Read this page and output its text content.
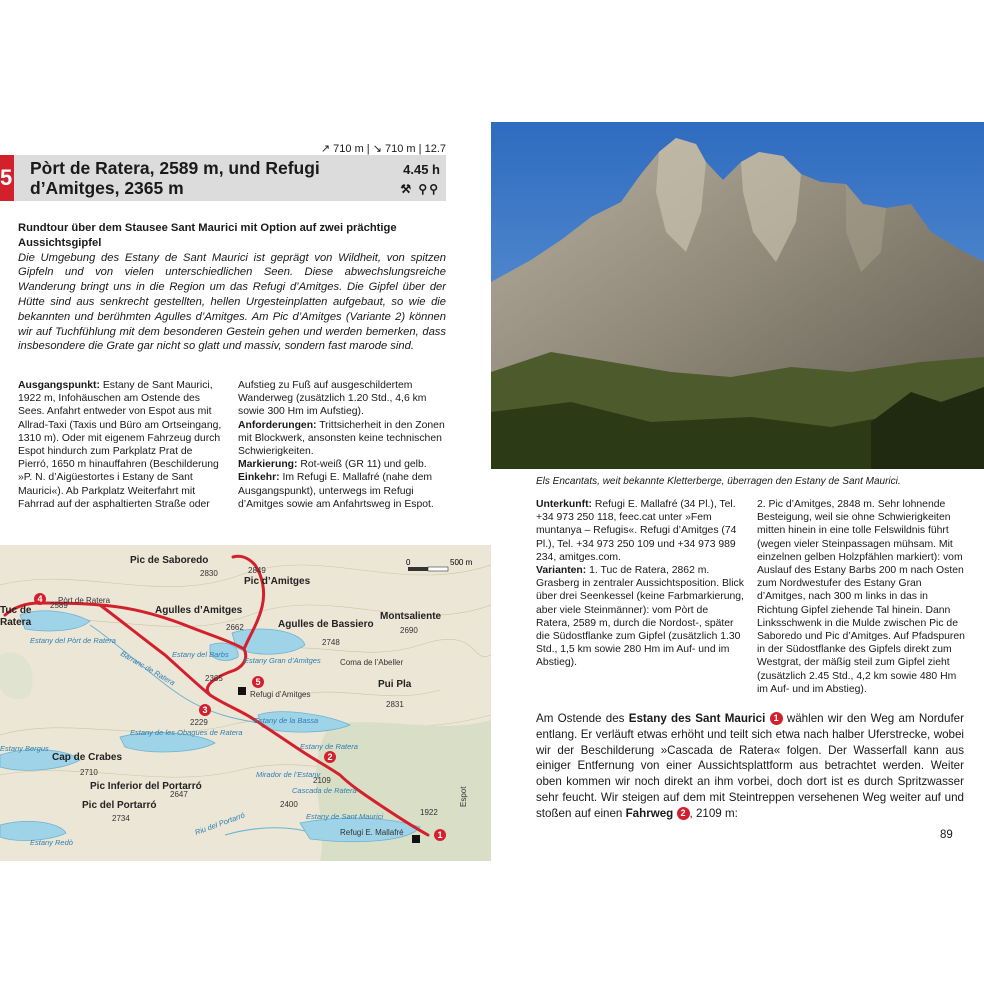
↗ 710 m | ↘ 710 m | 12.7
5 Pòrt de Ratera, 2589 m, und Refugi d’Amitges, 2365 m
4.45 h
⚒ ⚲⚲
Rundtour über dem Stausee Sant Maurici mit Option auf zwei prächtige Aussichtsgipfel
Die Umgebung des Estany de Sant Maurici ist geprägt von Wildheit, von spitzen Gipfeln und von vielen unterschiedlichen Seen. Diese abwechslungsreiche Wanderung bringt uns in die Region um das Refugi d’Amitges. Die Gipfel über der Hütte sind aus senkrecht gestellten, hellen Urgesteinplatten aufgebaut, so wie die bekannten und berühmten Agulles d’Amitges. Am Pic d’Amitges (Variante 2) können wir auf Tuchfühlung mit dem besonderen Gestein gehen und werden bemerken, dass insbesondere die Grate gar nicht so glatt und massiv, sondern fast marode sind.
Ausgangspunkt: Estany de Sant Maurici, 1922 m, Infohäuschen am Ostende des Sees. Anfahrt entweder von Espot aus mit Allrad-Taxi (Taxis und Büro am Ortseingang, 1310 m). Oder mit eigenem Fahrzeug durch Espot hindurch zum Parkplatz Prat de Pierró, 1650 m hinauffahren (Beschilderung »P. N. d’Aigüestortes i Estany de Sant Maurici«). Ab Parkplatz Weiterfahrt mit Fahrrad auf der asphaltierten Straße oder
Aufstieg zu Fuß auf ausgeschildertem Wanderweg (zusätzlich 1.20 Std., 4,6 km sowie 300 Hm im Aufstieg).
Anforderungen: Trittsicherheit in den Zonen mit Blockwerk, ansonsten keine technischen Schwierigkeiten.
Markierung: Rot-weiß (GR 11) und gelb.
Einkehr: Im Refugi E. Mallafré (nahe dem Ausgangspunkt), unterwegs im Refugi d’Amitges sowie am Anfahrtsweg in Espot.
Els Encantats, weit bekannte Kletterberge, überragen den Estany de Sant Maurici.
Unterkunft: Refugi E. Mallafré (34 Pl.), Tel. +34 973 250 118, feec.cat unter »Fem muntanya – Refugis«. Refugi d’Amitges (74 Pl.), Tel. +34 973 250 109 und +34 973 989 234, amitges.com.
Varianten: 1. Tuc de Ratera, 2862 m. Grasberg in zentraler Aussichtsposition. Blick über drei Seenkessel (keine Farbmarkierung, aber viele Steinmänner): vom Pòrt de Ratera, 2589 m, durch die Nordost-, später die Südostflanke zum Gipfel (zusätzlich 1.30 Std., 1,5 km sowie 280 Hm im Auf- und im Abstieg).
2. Pic d’Amitges, 2848 m. Sehr lohnende Besteigung, weil sie ohne Schwierigkeiten mitten hinein in eine tolle Felswildnis führt (wegen vieler Steinpassagen mühsam. Mit einzelnen gelben Holzpfählen markiert): vom Auslauf des Estany Barbs 200 m nach Osten zum Nordwestufer des Estany Gran d’Amitges, nach 300 m links in das in Richtung Gipfel ziehende Tal hinein. Dann Linksschwenk in die Mulde zwischen Pic de Saboredo und Pic d’Amitges. Auf Pfadspuren in der Südostflanke des Gipfels direkt zum Westgrat, der mäßig steil zum Gipfel zieht (zusätzlich 2.45 Std., 4,2 km sowie 480 Hm im Auf- und im Abstieg).
Am Ostende des Estany des Sant Maurici 1 wählen wir den Weg am Nordufer entlang. Er verläuft etwas erhöht und teilt sich etwa nach halber Uferstrecke, wobei wir der Beschilderung »Cascada de Ratera« folgen. Der Wasserfall kann aus einiger Entfernung von einer Aussichtsplattform aus betrachtet werden. Weiter oben kommen wir noch direkt an ihm vorbei, doch dort ist es durch Spritzwasser sehr feucht. Wir steigen auf dem mit Steintreppen versehenen Weg weiter auf und stoßen auf einen Fahrweg 2 , 2109 m:
89
1
2
3
4
5
0	500 m
Pic de Saboredo
Pic d’Amitges
Tuc de
Ratera
Agulles d’Amitges
Agulles de Bassiero
Montsaliente
Pui Pla
Cap de Crabes
Pic Inferior del Portarró
Pic del Portarró
2830	2849
2589
Pòrt de Ratera
2662
2748
2690
Coma de l’Abeller
2365
Refugi d’Amitges
2831
2229
2710
2647
2109
2734
1922
2400
Refugi E. Mallafré
Espot
Estany del Pòrt de Ratera
Estany del Barbs
Estany Gran d’Amitges
Barranc de Ratera
Estany de la Bassa
Estany de les Obagues de Ratera
Estany de Ratera
Estany Bergus
Mirador de l’Estany
Cascada de Ratera
Riu del Portarró	Estany de Sant Maurici
Estany Redò
